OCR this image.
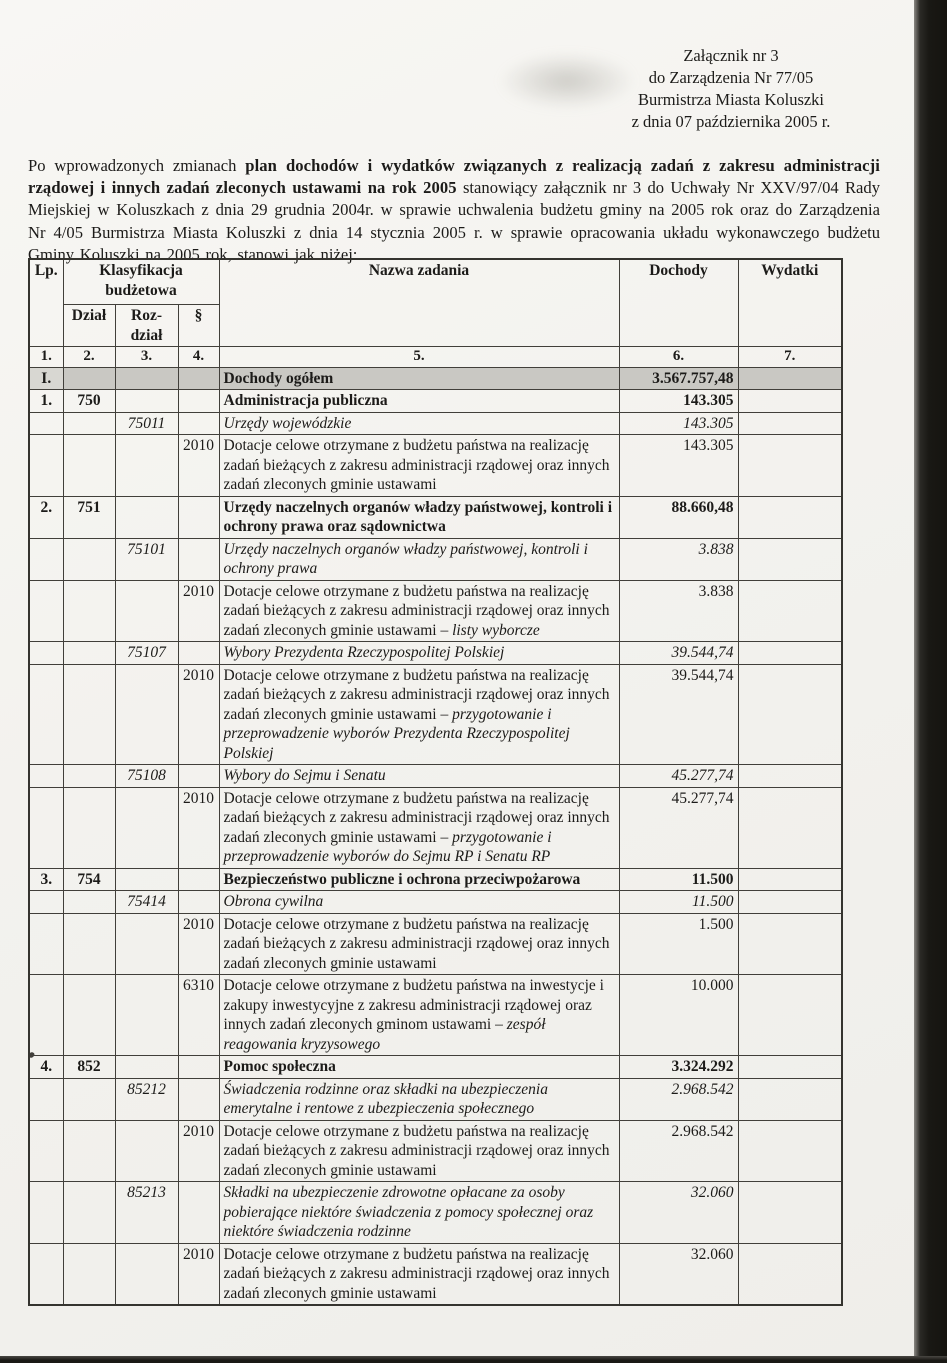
Załącznik nr 3
do Zarządzenia Nr 77/05
Burmistrza Miasta Koluszki
z dnia 07 października 2005 r.

Po wprowadzonych zmianach plan dochodów i wydatków związanych z realizacją zadań z zakresu administracji rządowej i innych zadań zleconych ustawami na rok 2005 stanowiący załącznik nr 3 do Uchwały Nr XXV/97/04 Rady Miejskiej w Koluszkach z dnia 29 grudnia 2004r. w sprawie uchwalenia budżetu gminy na 2005 rok oraz do Zarządzenia Nr 4/05 Burmistrza Miasta Koluszki z dnia 14 stycznia 2005 r. w sprawie opracowania układu wykonawczego budżetu Gminy Koluszki na 2005 rok, stanowi jak niżej:

Lp.	Klasyfikacja budżetowa			Nazwa zadania	Dochody	Wydatki
	Dział	Roz-dział	§			
1.	2.	3.	4.	5.	6.	7.
I.				Dochody ogółem	3.567.757,48	
1.	750			Administracja publiczna	143.305	
		75011		Urzędy wojewódzkie	143.305	
			2010	Dotacje celowe otrzymane z budżetu państwa na realizację zadań bieżących z zakresu administracji rządowej oraz innych zadań zleconych gminie ustawami	143.305	
2.	751			Urzędy naczelnych organów władzy państwowej, kontroli i ochrony prawa oraz sądownictwa	88.660,48	
		75101		Urzędy naczelnych organów władzy państwowej, kontroli i ochrony prawa	3.838	
			2010	Dotacje celowe otrzymane z budżetu państwa na realizację zadań bieżących z zakresu administracji rządowej oraz innych zadań zleconych gminie ustawami – listy wyborcze	3.838	
		75107		Wybory Prezydenta Rzeczypospolitej Polskiej	39.544,74	
			2010	Dotacje celowe otrzymane z budżetu państwa na realizację zadań bieżących z zakresu administracji rządowej oraz innych zadań zleconych gminie ustawami – przygotowanie i przeprowadzenie wyborów Prezydenta Rzeczypospolitej Polskiej	39.544,74	
		75108		Wybory do Sejmu i Senatu	45.277,74	
			2010	Dotacje celowe otrzymane z budżetu państwa na realizację zadań bieżących z zakresu administracji rządowej oraz innych zadań zleconych gminie ustawami – przygotowanie i przeprowadzenie wyborów do Sejmu RP i Senatu RP	45.277,74	
3.	754			Bezpieczeństwo publiczne i ochrona przeciwpożarowa	11.500	
		75414		Obrona cywilna	11.500	
			2010	Dotacje celowe otrzymane z budżetu państwa na realizację zadań bieżących z zakresu administracji rządowej oraz innych zadań zleconych gminie ustawami	1.500	
			6310	Dotacje celowe otrzymane z budżetu państwa na inwestycje i zakupy inwestycyjne z zakresu administracji rządowej oraz innych zadań zleconych gminom ustawami – zespół reagowania kryzysowego	10.000	
4.	852			Pomoc społeczna	3.324.292	
		85212		Świadczenia rodzinne oraz składki na ubezpieczenia emerytalne i rentowe z ubezpieczenia społecznego	2.968.542	
			2010	Dotacje celowe otrzymane z budżetu państwa na realizację zadań bieżących z zakresu administracji rządowej oraz innych zadań zleconych gminie ustawami	2.968.542	
		85213		Składki na ubezpieczenie zdrowotne opłacane za osoby pobierające niektóre świadczenia z pomocy społecznej oraz niektóre świadczenia rodzinne	32.060	
			2010	Dotacje celowe otrzymane z budżetu państwa na realizację zadań bieżących z zakresu administracji rządowej oraz innych zadań zleconych gminie ustawami	32.060	
